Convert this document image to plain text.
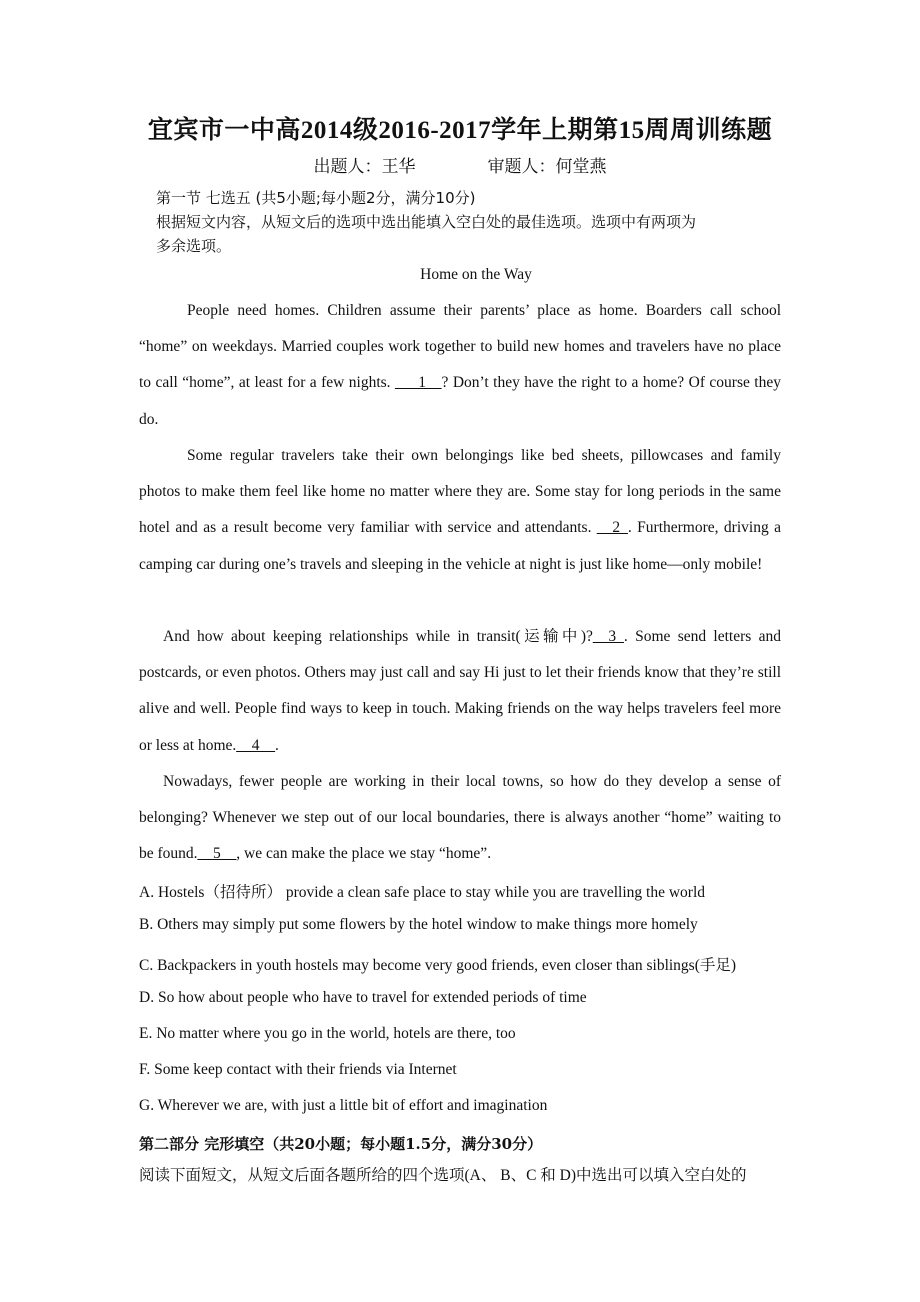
宜宾市一中高2014级2016-2017学年上期第15周周训练题
出题人：王华	审题人：何堂燕
第一节 七选五 (共5小题;每小题2分，满分10分)
根据短文内容，从短文后的选项中选出能填入空白处的最佳选项。选项中有两项为
多余选项。
Home on the Way

People need homes. Children assume their parents’ place as home. Boarders call school “home” on weekdays. Married couples work together to build new homes and travelers have no place to call “home”, at least for a few nights. ___1__? Don’t they have the right to a home? Of course they do.

Some regular travelers take their own belongings like bed sheets, pillowcases and family photos to make them feel like home no matter where they are. Some stay for long periods in the same hotel and as a result become very familiar with service and attendants. __2_. Furthermore, driving a camping car during one’s travels and sleeping in the vehicle at night is just like home—only mobile!

And how about keeping relationships while in transit(运输中)?__3_. Some send letters and postcards, or even photos. Others may just call and say Hi just to let their friends know that they’re still alive and well. People find ways to keep in touch. Making friends on the way helps travelers feel more or less at home.__4__.

Nowadays, fewer people are working in their local towns, so how do they develop a sense of belonging? Whenever we step out of our local boundaries, there is always another “home” waiting to be found.__5__, we can make the place we stay “home”.

A. Hostels（招待所） provide a clean safe place to stay while you are travelling the world
B. Others may simply put some flowers by the hotel window to make things more homely
C. Backpackers in youth hostels may become very good friends, even closer than siblings(手足)
D. So how about people who have to travel for extended periods of time
E. No matter where you go in the world, hotels are there, too
F. Some keep contact with their friends via Internet
G. Wherever we are, with just a little bit of effort and imagination
第二部分 完形填空（共20小题；每小题1.5分，满分30分）
阅读下面短文，从短文后面各题所给的四个选项(A、 B、C 和 D)中选出可以填入空白处的
